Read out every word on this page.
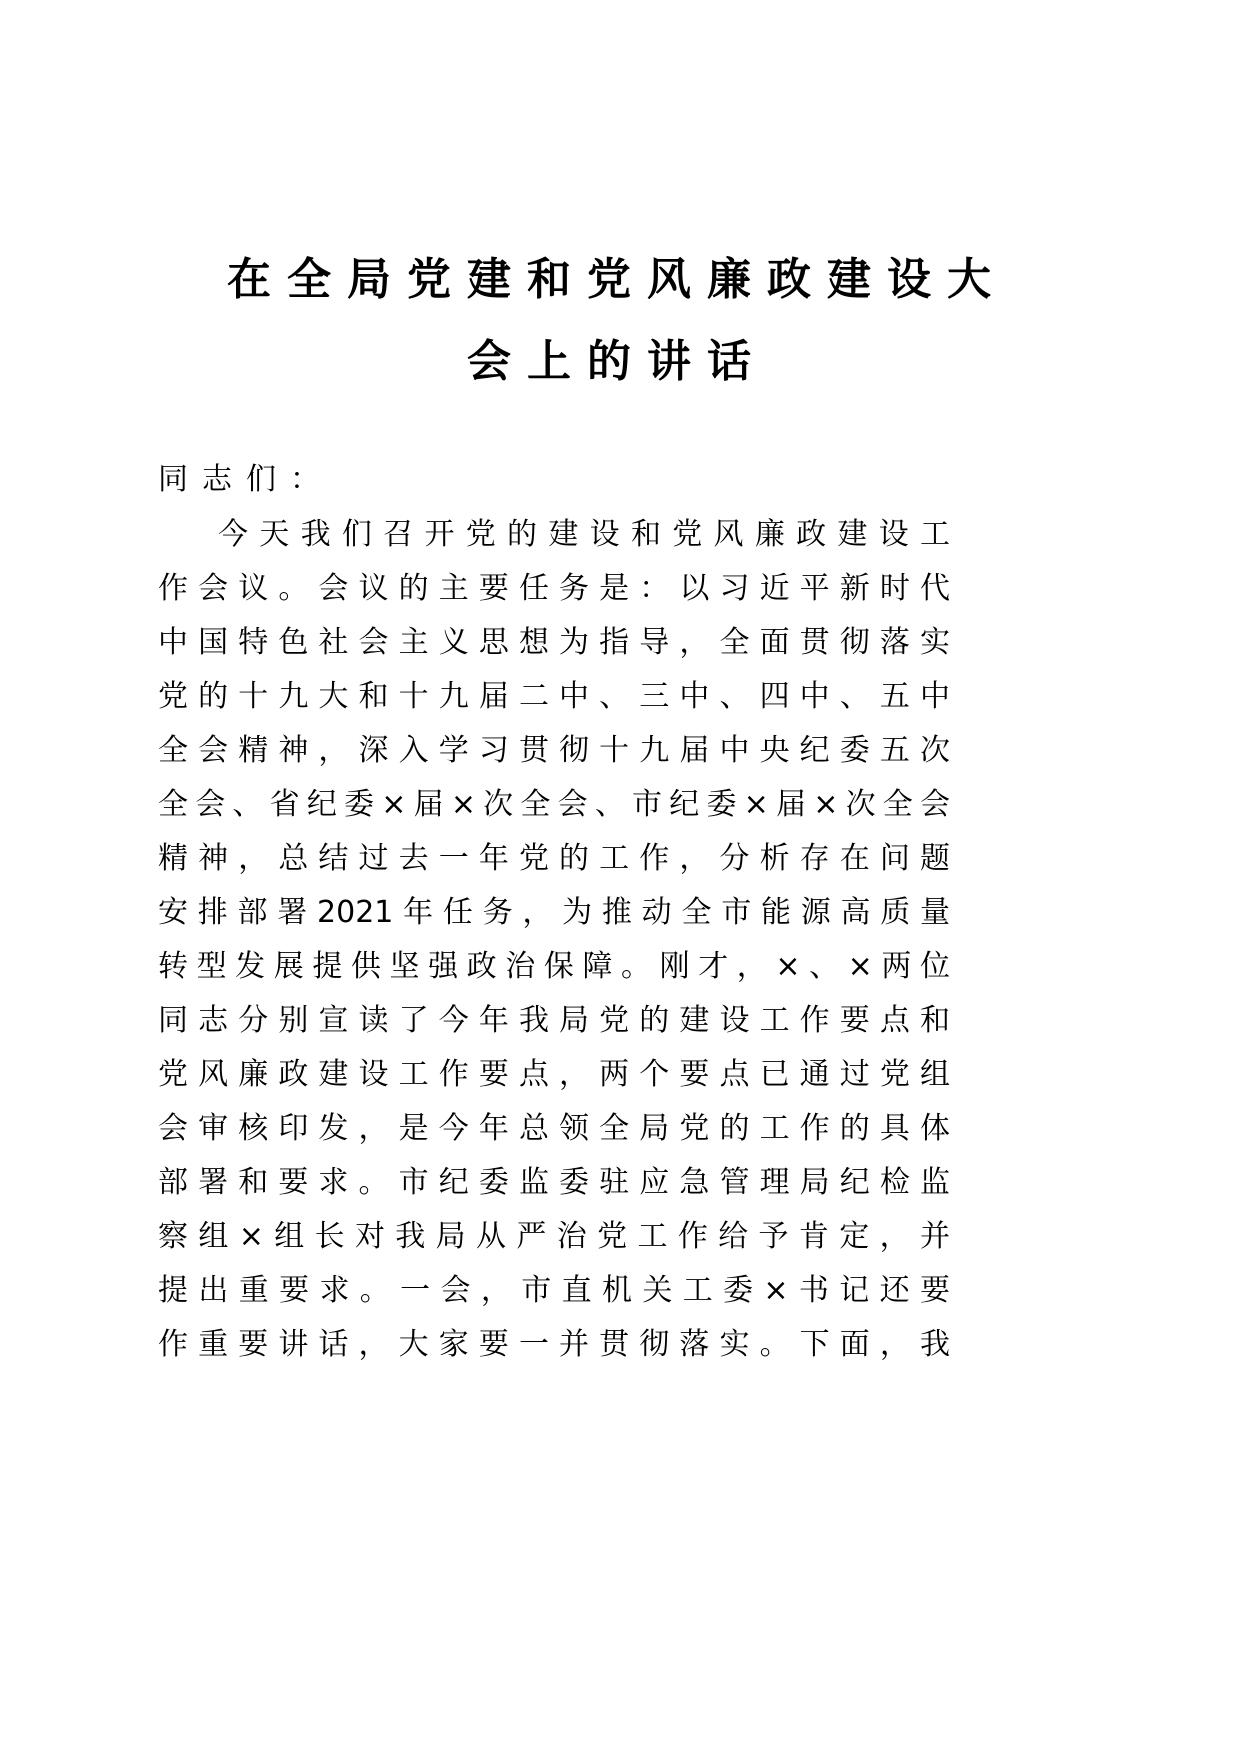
在全局党建和党风廉政建设大
会上的讲话
同志们：
今天我们召开党的建设和党风廉政建设工
作会议。会议的主要任务是：以习近平新时代
中国特色社会主义思想为指导，全面贯彻落实
党的十九大和十九届二中、三中、四中、五中
全会精神，深入学习贯彻十九届中央纪委五次
全会、省纪委×届×次全会、市纪委×届×次全会
精神，总结过去一年党的工作，分析存在问题
安排部署2021年任务，为推动全市能源高质量
转型发展提供坚强政治保障。刚才，×、×两位
同志分别宣读了今年我局党的建设工作要点和
党风廉政建设工作要点，两个要点已通过党组
会审核印发，是今年总领全局党的工作的具体
部署和要求。市纪委监委驻应急管理局纪检监
察组×组长对我局从严治党工作给予肯定，并
提出重要求。一会，市直机关工委×书记还要
作重要讲话，大家要一并贯彻落实。下面，我
